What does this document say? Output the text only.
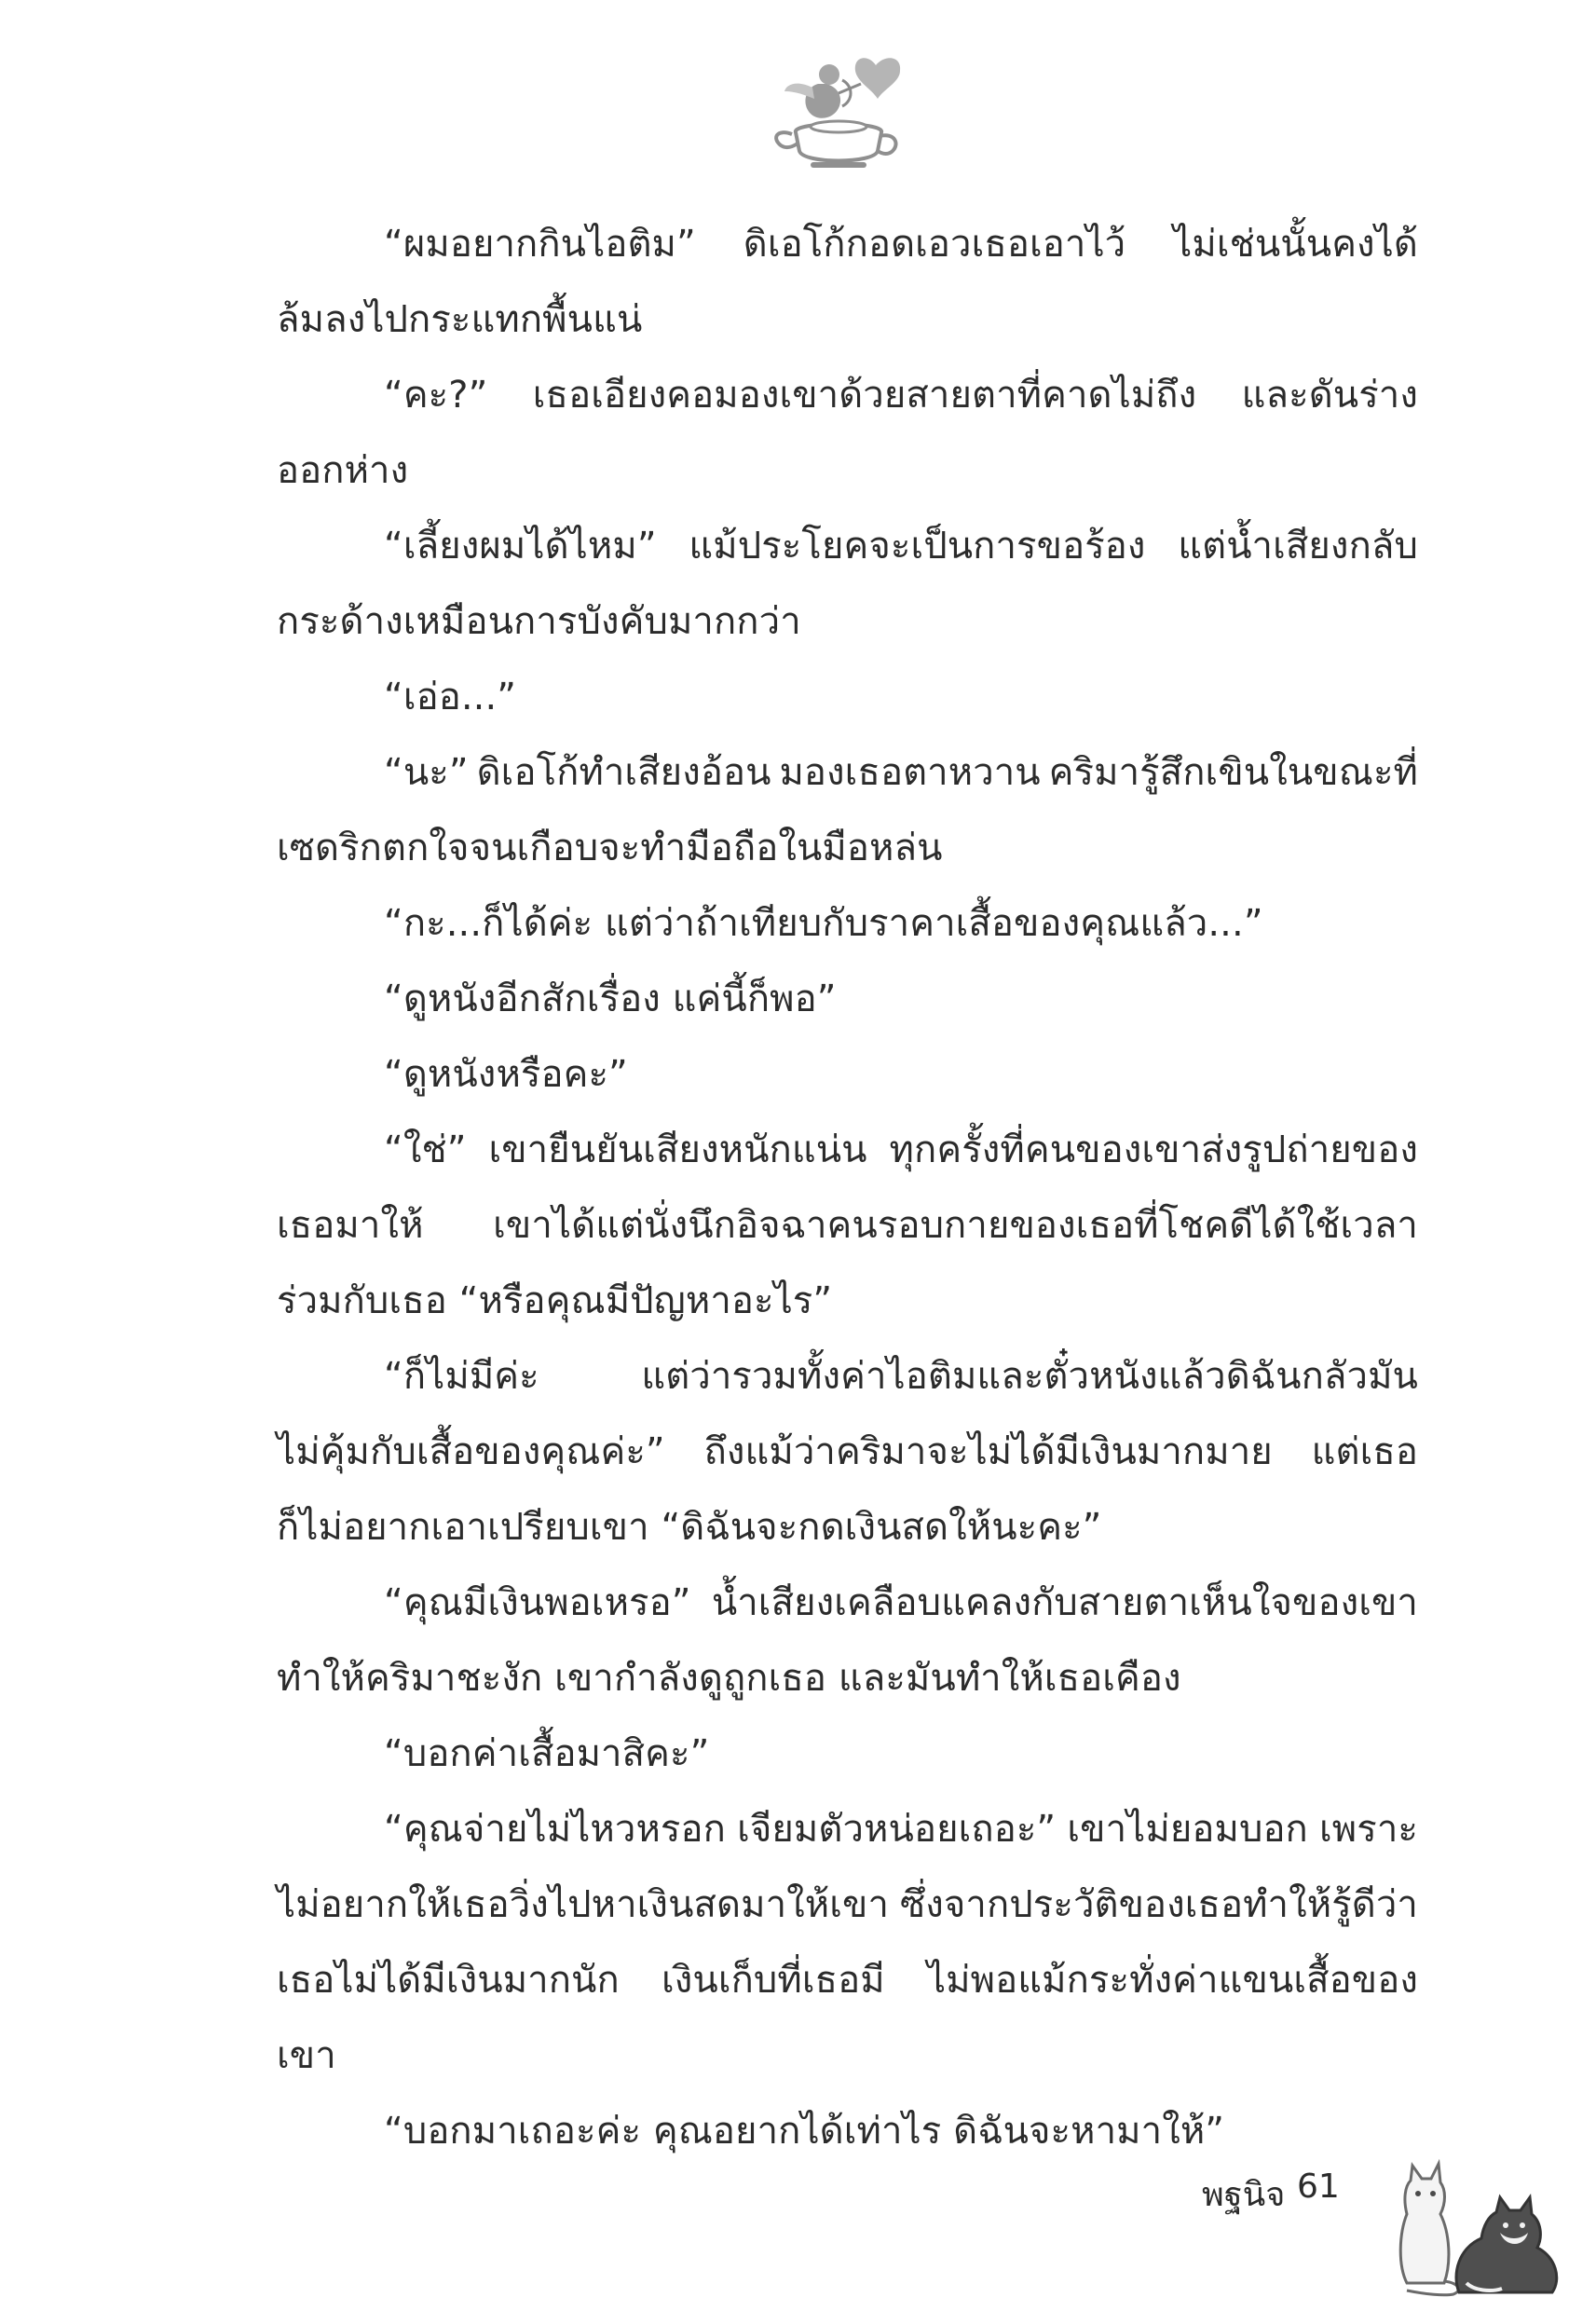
“ผมอยากกินไอติม” ดิเอโก้กอดเอวเธอเอาไว้ ไม่เช่นนั้นคงได้
ล้มลงไปกระแทกพื้นแน่
“คะ?” เธอเอียงคอมองเขาด้วยสายตาที่คาดไม่ถึง และดันร่าง
ออกห่าง
“เลี้ยงผมได้ไหม” แม้ประโยคจะเป็นการขอร้อง แต่น้ำเสียงกลับ
กระด้างเหมือนการบังคับมากกว่า
“เอ่อ...”
“นะ” ดิเอโก้ทำเสียงอ้อน มองเธอตาหวาน คริมารู้สึกเขินในขณะที่
เซดริกตกใจจนเกือบจะทำมือถือในมือหล่น
“กะ...ก็ได้ค่ะ แต่ว่าถ้าเทียบกับราคาเสื้อของคุณแล้ว...”
“ดูหนังอีกสักเรื่อง แค่นี้ก็พอ”
“ดูหนังหรือคะ”
“ใช่” เขายืนยันเสียงหนักแน่น ทุกครั้งที่คนของเขาส่งรูปถ่ายของ
เธอมาให้ เขาได้แต่นั่งนึกอิจฉาคนรอบกายของเธอที่โชคดีได้ใช้เวลา
ร่วมกับเธอ “หรือคุณมีปัญหาอะไร”
“ก็ไม่มีค่ะ	แต่ว่ารวมทั้งค่าไอติมและตั๋วหนังแล้วดิฉันกลัวมัน
ไม่คุ้มกับเสื้อของคุณค่ะ” ถึงแม้ว่าคริมาจะไม่ได้มีเงินมากมาย แต่เธอ
ก็ไม่อยากเอาเปรียบเขา “ดิฉันจะกดเงินสดให้นะคะ”
“คุณมีเงินพอเหรอ” น้ำเสียงเคลือบแคลงกับสายตาเห็นใจของเขา
ทำให้คริมาชะงัก เขากำลังดูถูกเธอ และมันทำให้เธอเคือง
“บอกค่าเสื้อมาสิคะ”
“คุณจ่ายไม่ไหวหรอก เจียมตัวหน่อยเถอะ” เขาไม่ยอมบอก เพราะ
ไม่อยากให้เธอวิ่งไปหาเงินสดมาให้เขา ซึ่งจากประวัติของเธอทำให้รู้ดีว่า
เธอไม่ได้มีเงินมากนัก เงินเก็บที่เธอมี ไม่พอแม้กระทั่งค่าแขนเสื้อของ
เขา
“บอกมาเถอะค่ะ คุณอยากได้เท่าไร ดิฉันจะหามาให้”
พฐนิจ 61
